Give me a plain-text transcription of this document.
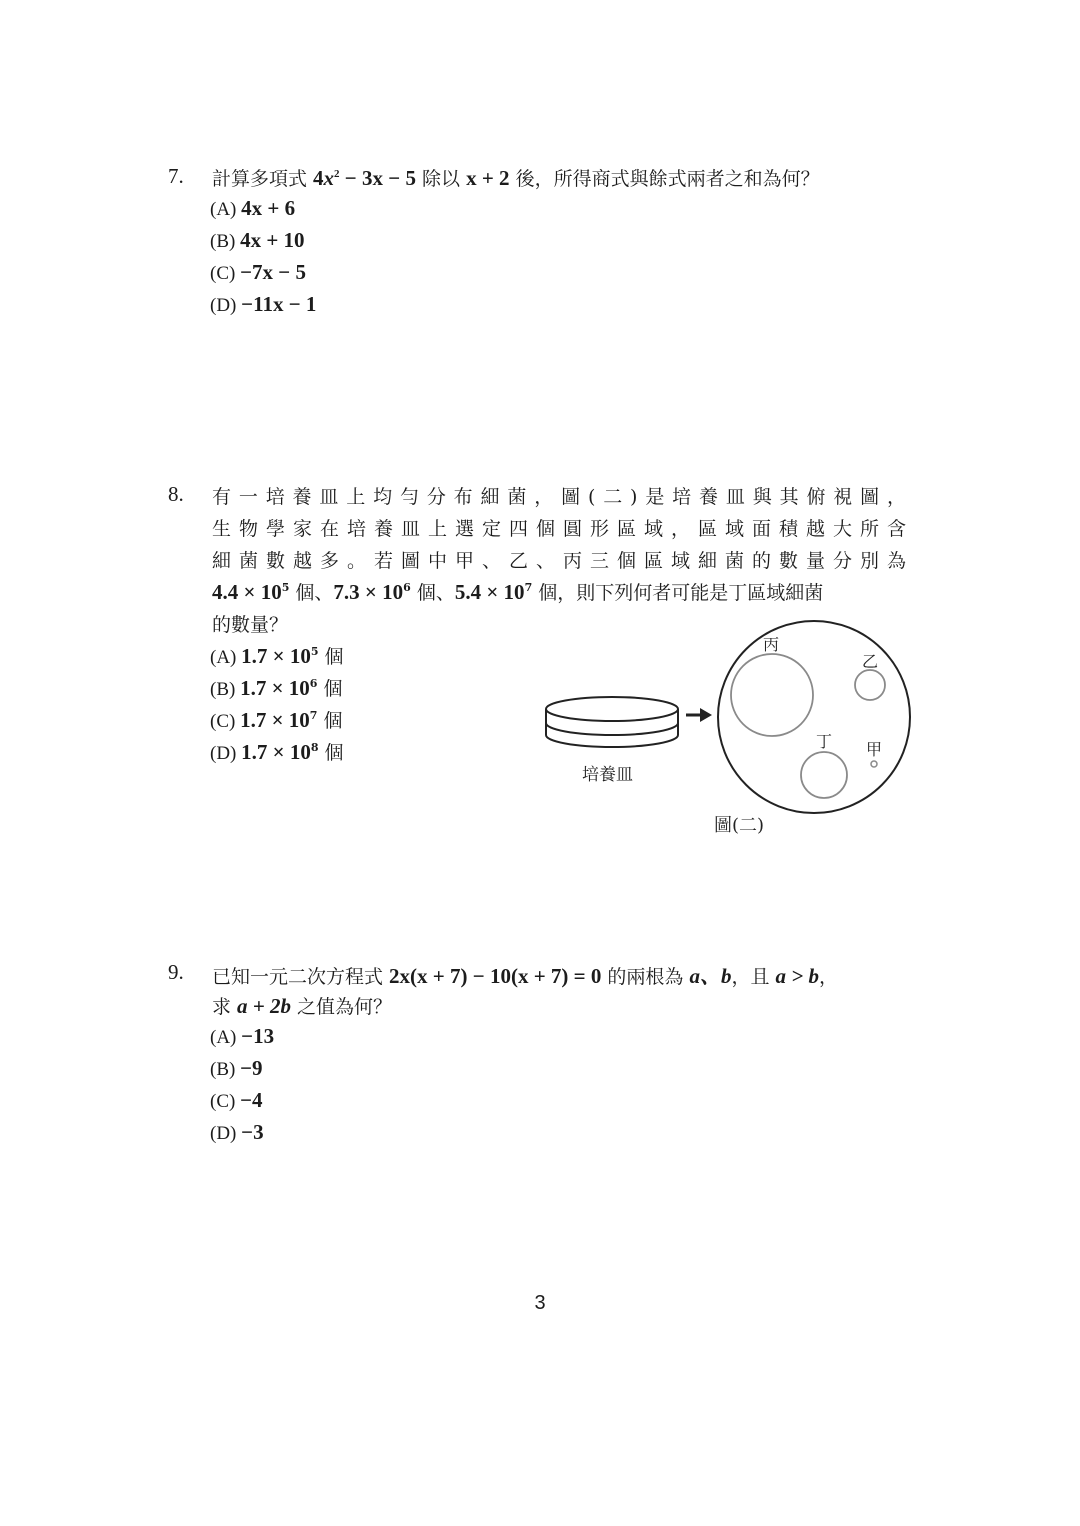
7. 計算多項式 $4x^2 - 3x - 5$ 除以 x + 2 後，所得商式與餘式兩者之和為何？
(A) 4x + 6
(B) 4x + 10
(C) −7x − 5
(D) −11x − 1
8. 有一培養皿上均勻分布細菌，圖(二)是培養皿與其俯視圖，
生物學家在培養皿上選定四個圓形區域，區域面積越大所含
細菌數越多。若圖中甲、乙、丙三個區域細菌的數量分別為
$4.4 \times 10^5$ 個、$7.3 \times 10^6$ 個、$5.4 \times 10^7$ 個，則下列何者可能是丁區域細菌
的數量？
(A) $1.7 \times 10^5$ 個
(B) $1.7 \times 10^6$ 個
(C) $1.7 \times 10^7$ 個
(D) $1.7 \times 10^8$ 個
培養皿
丙
乙
丁 甲
圖(二)
9. 已知一元二次方程式 2x(x + 7) − 10(x + 7) = 0 的兩根為 a、b，且 a > b，
求 a + 2b 之值為何？
(A) −13
(B) −9
(C) −4
(D) −3
3
